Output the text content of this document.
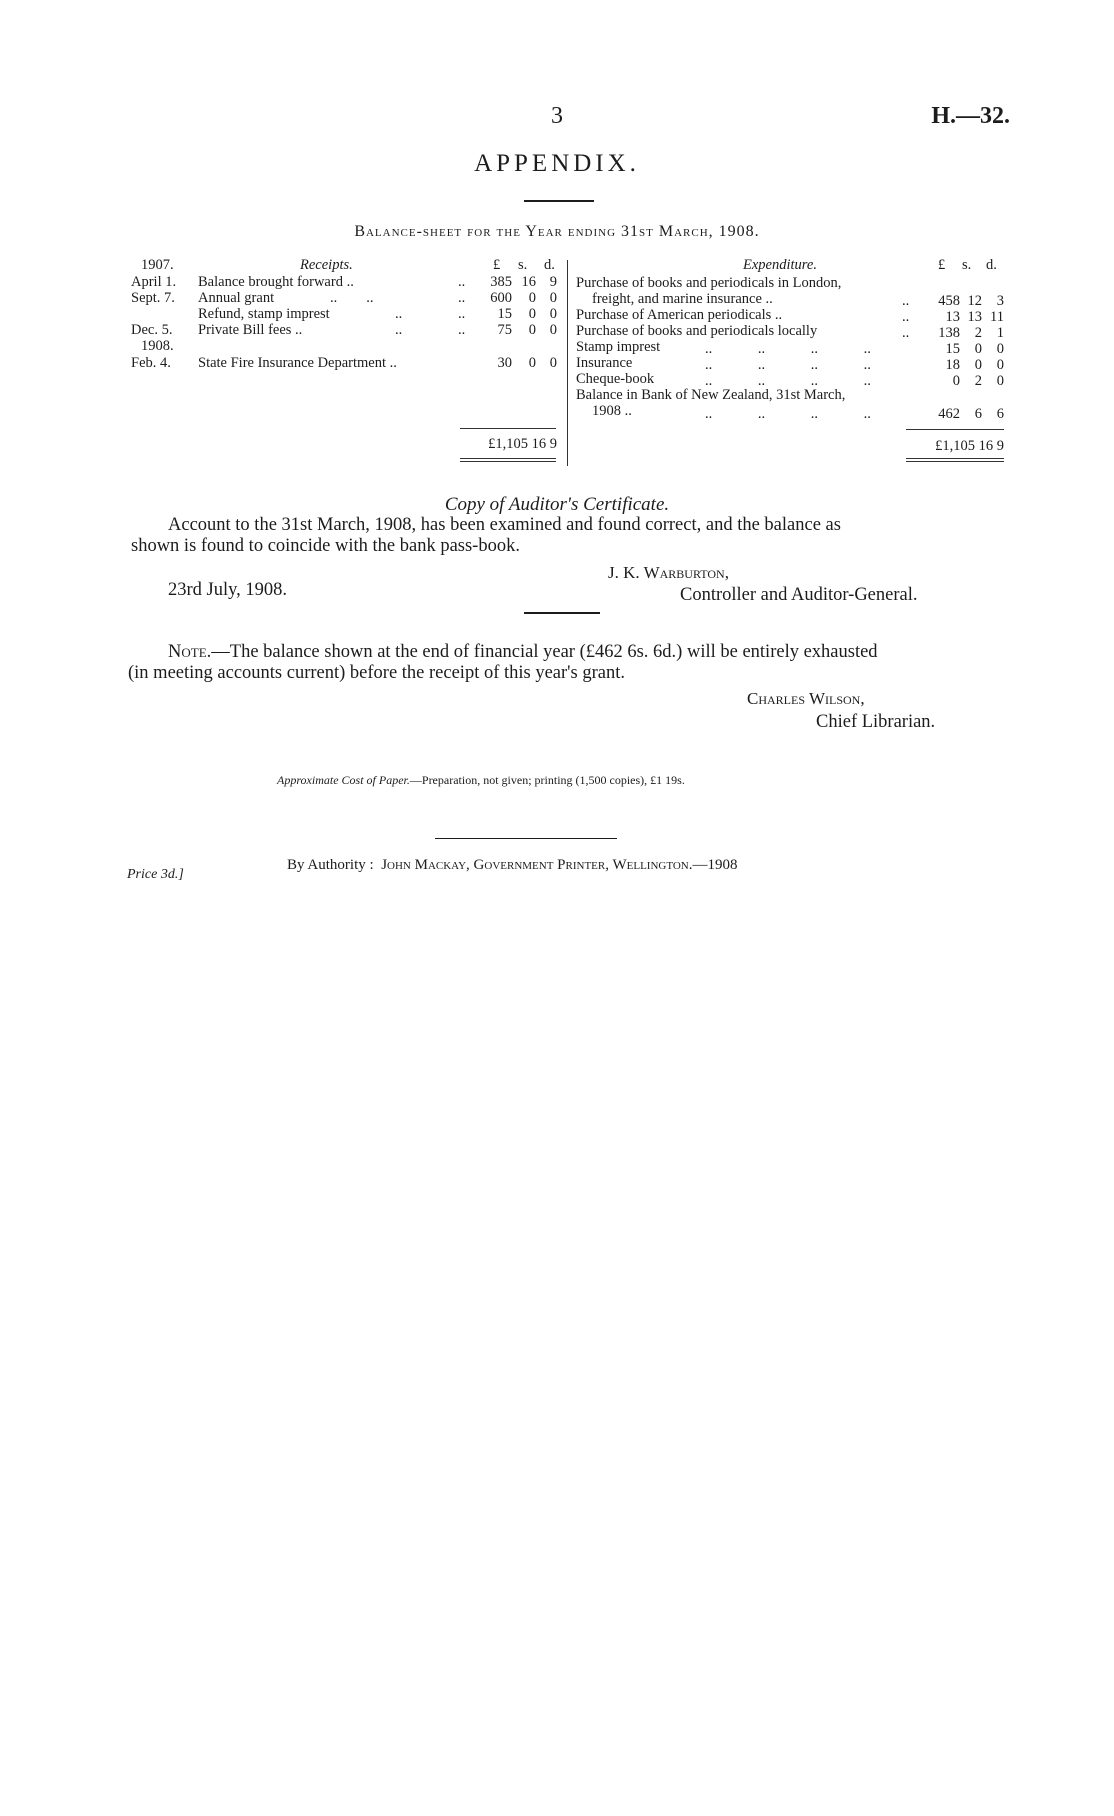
3	H.—32.
APPENDIX.
Balance-sheet for the Year ending 31st March, 1908.
1907.	Receipts.	£ s. d.
April 1. Balance brought forward ..	..	385 16 9
Sept. 7. Annual grant	..        ..	..	600	0 0
Refund, stamp imprest	..	..	15	0 0
Dec. 5. Private Bill fees ..	..	..	75	0 0
1908.
Feb. 4. State Fire Insurance Department ..	30	0 0
£1,105 16 9
Expenditure.	£ s. d.
Purchase of books and periodicals in London,
freight, and marine insurance ..	..	458 12	3
Purchase of American periodicals ..	..	13 13 11
Purchase of books and periodicals locally	..	138	2	1
Stamp imprest	.. .. .. ..	15	0	0
Insurance	.. .. .. ..	18	0	0
Cheque-book	.. .. .. ..	0	2	0
Balance in Bank of New Zealand, 31st March,
1908 ..	.. .. .. ..	462	6	6
£1,105 16 9
Copy of Auditor's Certificate.
Account to the 31st March, 1908, has been examined and found correct, and the balance as
shown is found to coincide with the bank pass-book.
J. K. Warburton,
23rd July, 1908.	Controller and Auditor-General.
Note.—The balance shown at the end of financial year (£462 6s. 6d.) will be entirely exhausted
(in meeting accounts current) before the receipt of this year's grant.
Charles Wilson,
Chief Librarian.
Approximate Cost of Paper.—Preparation, not given; printing (1,500 copies), £1 19s.
Price 3d.]
By Authority : John Mackay, Government Printer, Wellington.—1908
